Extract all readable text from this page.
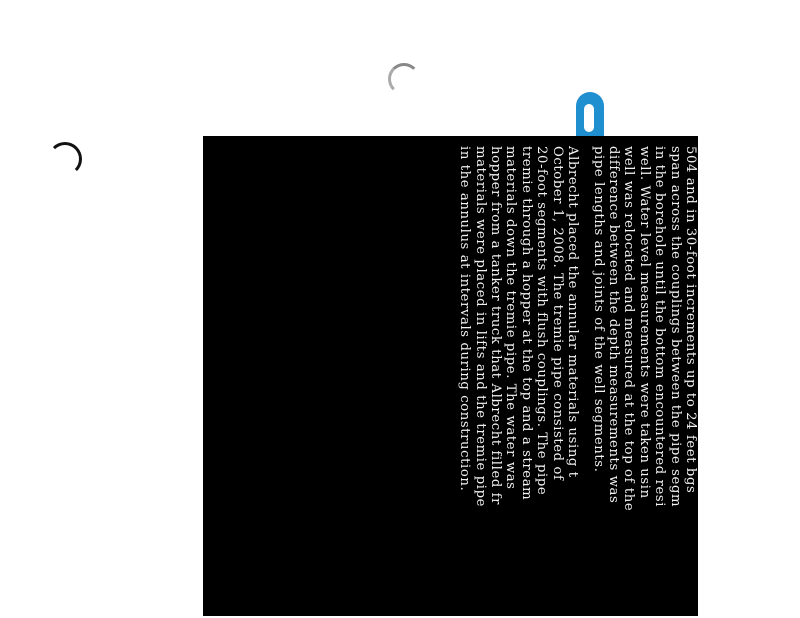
504 and in 30-foot increments up to 24 feet bgs
span across the couplings between the pipe segm
in the borehole until the bottom encountered resi
well. Water level measurements were taken usin
well was relocated and measured at the top of the
difference between the depth measurements was
pipe lengths and joints of the well segments.
Albrecht placed the annular materials using t
October 1, 2008. The tremie pipe consisted of
20-foot segments with flush couplings. The pipe
tremie through a hopper at the top and a stream
materials down the tremie pipe. The water was
hopper from a tanker truck that Albrecht filled fr
materials were placed in lifts and the tremie pipe
in the annulus at intervals during construction.
